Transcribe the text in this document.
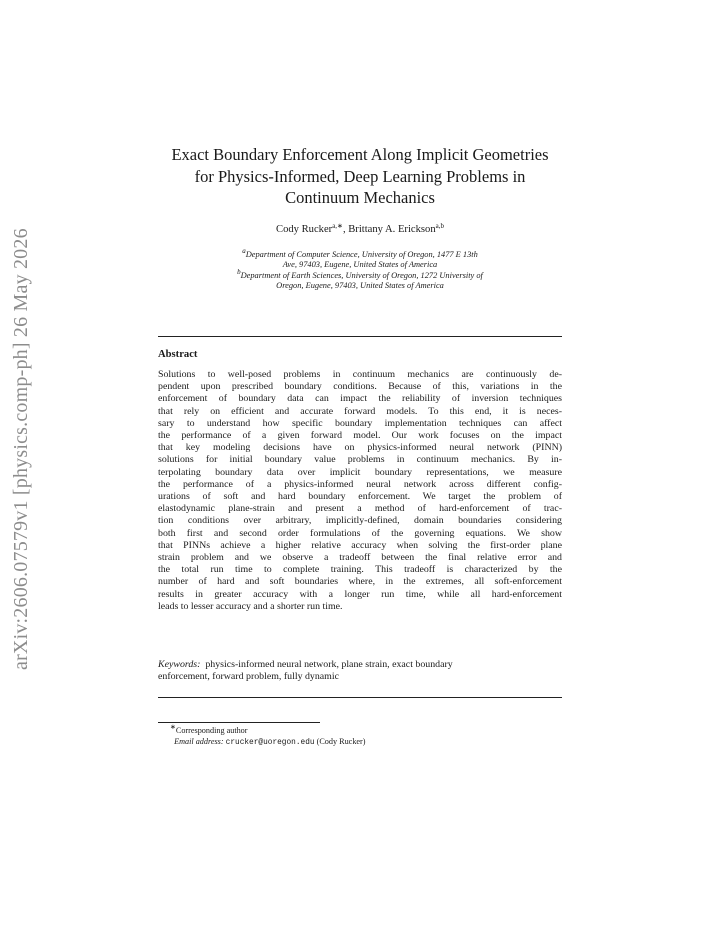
arXiv:2606.07579v1 [physics.comp-ph] 26 May 2026
Exact Boundary Enforcement Along Implicit Geometries
for Physics-Informed, Deep Learning Problems in
Continuum Mechanics
Cody Rucker$^{a,∗}$, Brittany A. Erickson$^{a,b}$
$^a$Department of Computer Science, University of Oregon, 1477 E 13th
Ave, 97403, Eugene, United States of America
$^b$Department of Earth Sciences, University of Oregon, 1272 University of
Oregon, Eugene, 97403, United States of America
Abstract
Solutions to well-posed problems in continuum mechanics are continuously de-
pendent upon prescribed boundary conditions. Because of this, variations in the
enforcement of boundary data can impact the reliability of inversion techniques
that rely on efficient and accurate forward models. To this end, it is neces-
sary to understand how specific boundary implementation techniques can affect
the performance of a given forward model. Our work focuses on the impact
that key modeling decisions have on physics-informed neural network (PINN)
solutions for initial boundary value problems in continuum mechanics. By in-
terpolating boundary data over implicit boundary representations, we measure
the performance of a physics-informed neural network across different config-
urations of soft and hard boundary enforcement. We target the problem of
elastodynamic plane-strain and present a method of hard-enforcement of trac-
tion conditions over arbitrary, implicitly-defined, domain boundaries considering
both first and second order formulations of the governing equations. We show
that PINNs achieve a higher relative accuracy when solving the first-order plane
strain problem and we observe a tradeoff between the final relative error and
the total run time to complete training. This tradeoff is characterized by the
number of hard and soft boundaries where, in the extremes, all soft-enforcement
results in greater accuracy with a longer run time, while all hard-enforcement
leads to lesser accuracy and a shorter run time.
Keywords: physics-informed neural network, plane strain, exact boundary
enforcement, forward problem, fully dynamic
∗Corresponding author
Email address: crucker@uoregon.edu (Cody Rucker)
